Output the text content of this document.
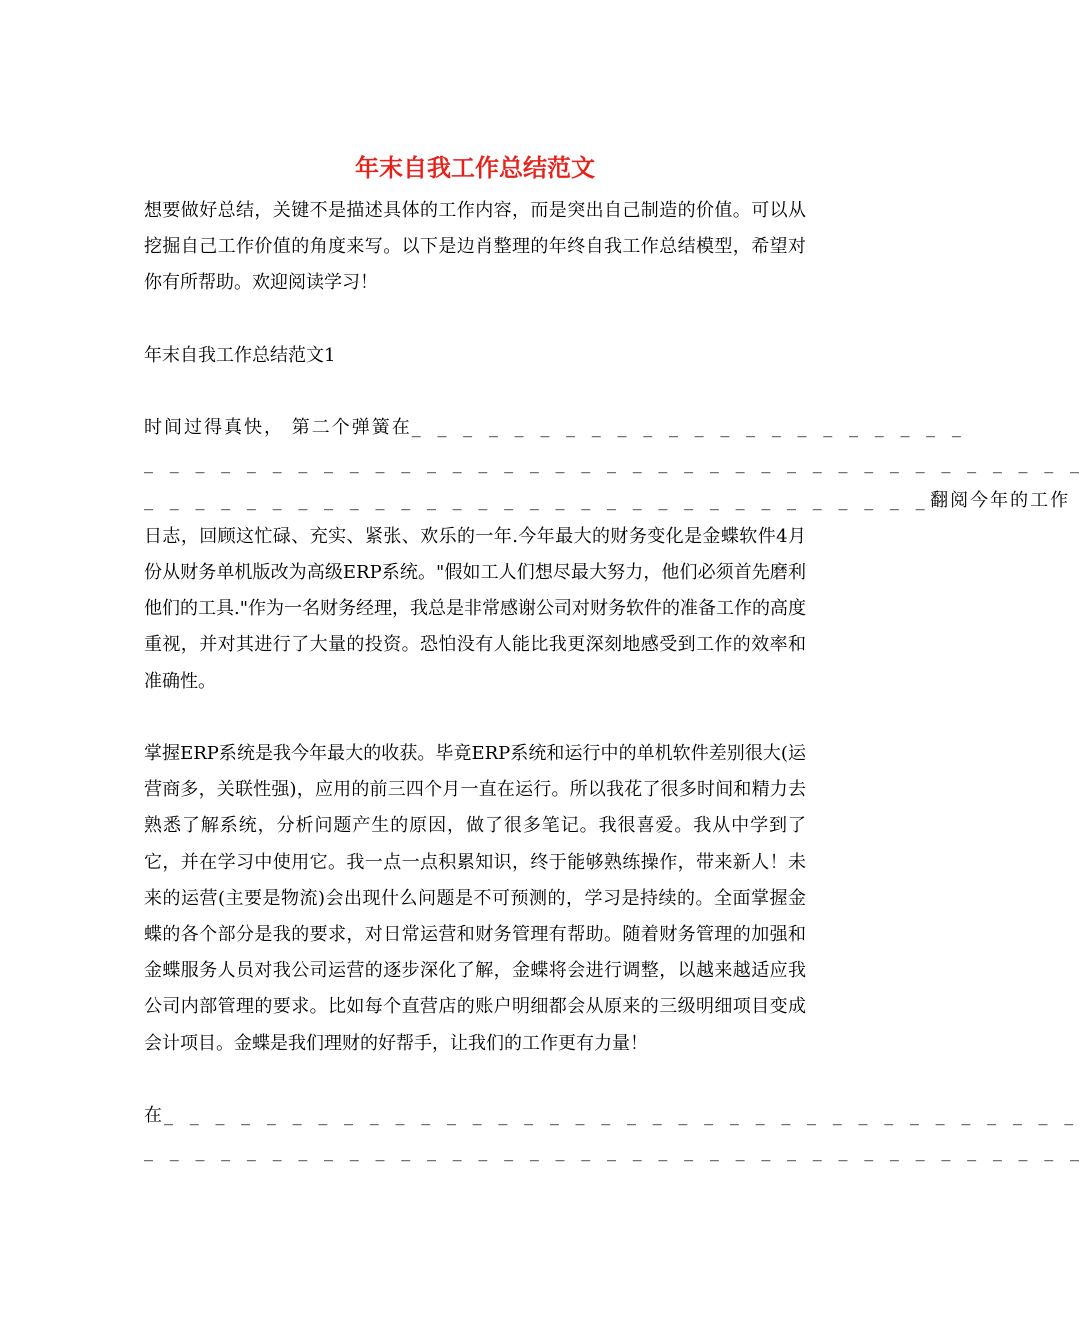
年末自我工作总结范文

想要做好总结，关键不是描述具体的工作内容，而是突出自己制造的价值。可以从挖掘自己工作价值的角度来写。以下是边肖整理的年终自我工作总结模型，希望对你有所帮助。欢迎阅读学习！

年末自我工作总结范文1

时间过得真快， 第二个弹簧在_ _ _ _ _ _ _ _ _ _ _ _ _ _ _ _ _ _ _ _ _ _
_ _ _ _ _ _ _ _ _ _ _ _ _ _ _ _ _ _ _ _ _ _ _ _ _ _ _ _ _ _ _ _ _ _ _ _ _
_ _ _ _ _ _ _ _ _ _ _ _ _ _ _ _ _ _ _ _ _ _ _ _ _ _ _ _ _ _ _翻阅今年的工作
日志，回顾这忙碌、充实、紧张、欢乐的一年.今年最大的财务变化是金蝶软件4月份从财务单机版改为高级ERP系统。"假如工人们想尽最大努力，他们必须首先磨利他们的工具."作为一名财务经理，我总是非常感谢公司对财务软件的准备工作的高度重视，并对其进行了大量的投资。恐怕没有人能比我更深刻地感受到工作的效率和准确性。

掌握ERP系统是我今年最大的收获。毕竟ERP系统和运行中的单机软件差别很大(运营商多，关联性强)，应用的前三四个月一直在运行。所以我花了很多时间和精力去熟悉了解系统，分析问题产生的原因，做了很多笔记。我很喜爱。我从中学到了它，并在学习中使用它。我一点一点积累知识，终于能够熟练操作，带来新人！未来的运营(主要是物流)会出现什么问题是不可预测的，学习是持续的。全面掌握金蝶的各个部分是我的要求，对日常运营和财务管理有帮助。随着财务管理的加强和金蝶服务人员对我公司运营的逐步深化了解，金蝶将会进行调整，以越来越适应我公司内部管理的要求。比如每个直营店的账户明细都会从原来的三级明细项目变成会计项目。金蝶是我们理财的好帮手，让我们的工作更有力量！

在_ _ _ _ _ _ _ _ _ _ _ _ _ _ _ _ _ _ _ _ _ _ _ _ _ _ _ _ _ _ _ _ _ _ _ _
_ _ _ _ _ _ _ _ _ _ _ _ _ _ _ _ _ _ _ _ _ _ _ _ _ _ _ _ _ _ _ _ _ _ _ _ _
